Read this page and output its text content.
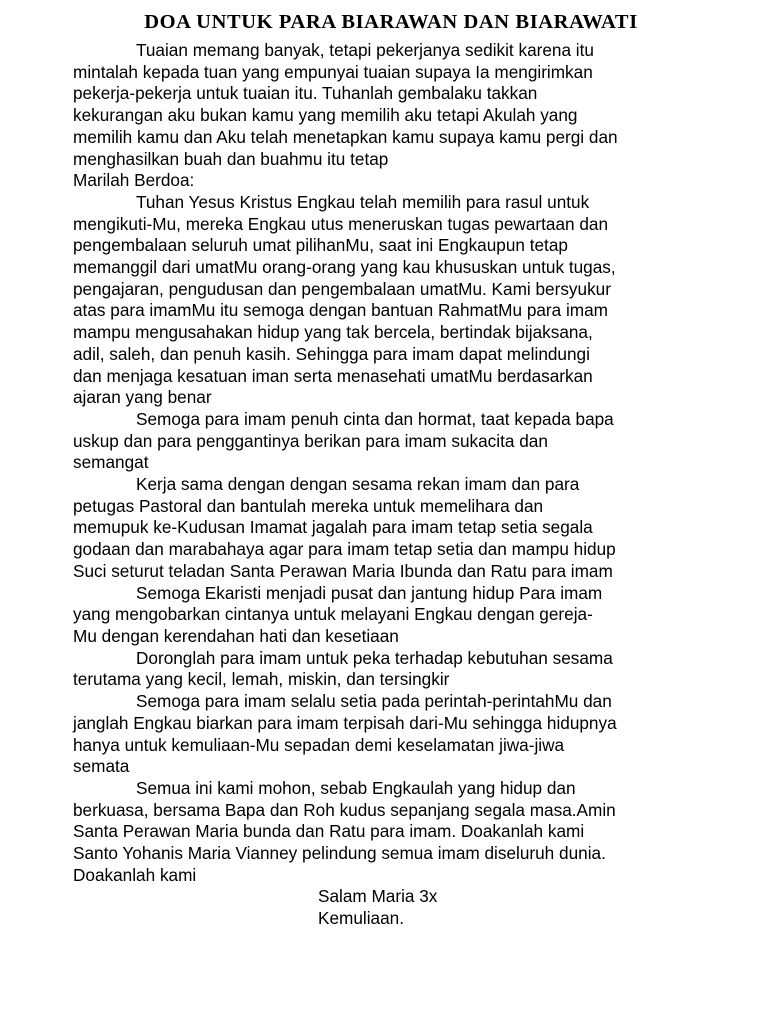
DOA UNTUK PARA BIARAWAN DAN BIARAWATI
Tuaian memang banyak, tetapi pekerjanya sedikit karena itu
mintalah kepada tuan yang empunyai tuaian supaya Ia mengirimkan
pekerja-pekerja untuk tuaian itu. Tuhanlah gembalaku takkan
kekurangan aku bukan kamu yang memilih aku tetapi Akulah yang
memilih kamu dan Aku telah menetapkan kamu supaya kamu pergi dan
menghasilkan buah dan buahmu itu tetap
Marilah Berdoa:
Tuhan Yesus Kristus Engkau telah memilih para rasul untuk
mengikuti-Mu, mereka Engkau utus meneruskan tugas pewartaan dan
pengembalaan seluruh umat pilihanMu, saat ini Engkaupun tetap
memanggil dari umatMu orang-orang yang kau khususkan untuk tugas,
pengajaran, pengudusan dan pengembalaan umatMu. Kami bersyukur
atas para imamMu itu semoga dengan bantuan RahmatMu para imam
mampu mengusahakan hidup yang tak bercela, bertindak bijaksana,
adil, saleh, dan penuh kasih. Sehingga para imam dapat melindungi
dan menjaga kesatuan iman serta menasehati umatMu berdasarkan
ajaran yang benar
Semoga para imam penuh cinta dan hormat, taat kepada bapa
uskup dan para penggantinya berikan para imam sukacita dan
semangat
Kerja sama dengan dengan sesama rekan imam dan para
petugas Pastoral dan bantulah mereka untuk memelihara dan
memupuk ke-Kudusan Imamat jagalah para imam tetap setia segala
godaan dan marabahaya agar para imam tetap setia dan mampu hidup
Suci seturut teladan Santa Perawan Maria Ibunda dan Ratu para imam
Semoga Ekaristi menjadi pusat dan jantung hidup Para imam
yang mengobarkan cintanya untuk melayani Engkau dengan gereja-
Mu dengan kerendahan hati dan kesetiaan
Doronglah para imam untuk peka terhadap kebutuhan sesama
terutama yang kecil, lemah, miskin, dan tersingkir
Semoga para imam selalu setia pada perintah-perintahMu dan
janglah Engkau biarkan para imam terpisah dari-Mu sehingga hidupnya
hanya untuk kemuliaan-Mu sepadan demi keselamatan jiwa-jiwa
semata
Semua ini kami mohon, sebab Engkaulah yang hidup dan
berkuasa, bersama Bapa dan Roh kudus sepanjang segala masa.Amin
Santa Perawan Maria bunda dan Ratu para imam. Doakanlah kami
Santo Yohanis Maria Vianney pelindung semua imam diseluruh dunia.
Doakanlah kami
Salam Maria 3x
Kemuliaan.
